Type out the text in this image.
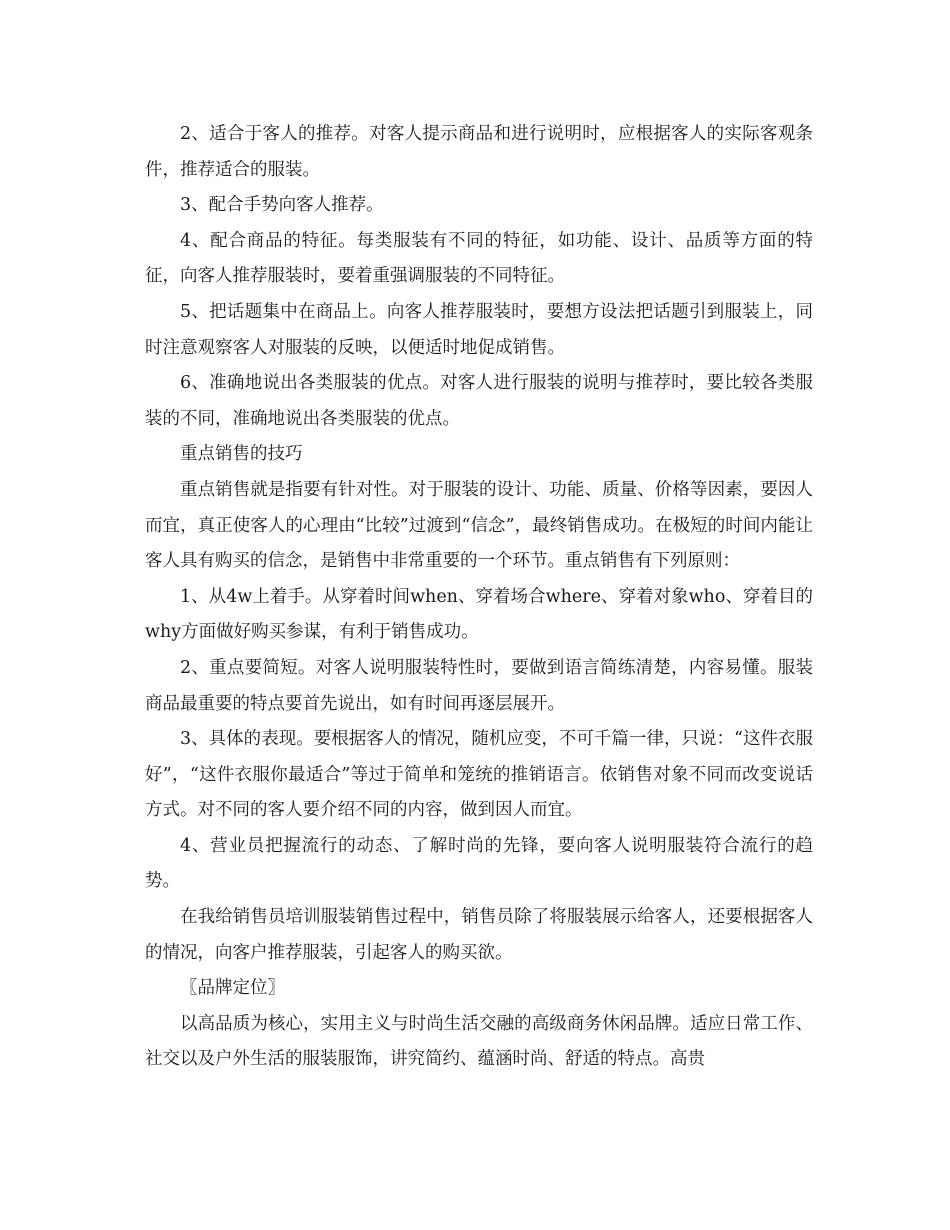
2、适合于客人的推荐。对客人提示商品和进行说明时，应根据客人的实际客观条件，推荐适合的服装。

3、配合手势向客人推荐。

4、配合商品的特征。每类服装有不同的特征，如功能、设计、品质等方面的特征，向客人推荐服装时，要着重强调服装的不同特征。

5、把话题集中在商品上。向客人推荐服装时，要想方设法把话题引到服装上，同时注意观察客人对服装的反映，以便适时地促成销售。

6、准确地说出各类服装的优点。对客人进行服装的说明与推荐时，要比较各类服装的不同，准确地说出各类服装的优点。

重点销售的技巧

重点销售就是指要有针对性。对于服装的设计、功能、质量、价格等因素，要因人而宜，真正使客人的心理由“比较”过渡到“信念”，最终销售成功。在极短的时间内能让客人具有购买的信念，是销售中非常重要的一个环节。重点销售有下列原则：

1、从4w上着手。从穿着时间when、穿着场合where、穿着对象who、穿着目的why方面做好购买参谋，有利于销售成功。

2、重点要简短。对客人说明服装特性时，要做到语言简练清楚，内容易懂。服装商品最重要的特点要首先说出，如有时间再逐层展开。

3、具体的表现。要根据客人的情况，随机应变，不可千篇一律，只说：“这件衣服好”，“这件衣服你最适合”等过于简单和笼统的推销语言。依销售对象不同而改变说话方式。对不同的客人要介绍不同的内容，做到因人而宜。

4、营业员把握流行的动态、了解时尚的先锋，要向客人说明服装符合流行的趋势。

在我给销售员培训服装销售过程中，销售员除了将服装展示给客人，还要根据客人的情况，向客户推荐服装，引起客人的购买欲。

〖品牌定位〗

以高品质为核心，实用主义与时尚生活交融的高级商务休闲品牌。适应日常工作、社交以及户外生活的服装服饰，讲究简约、蕴涵时尚、舒适的特点。高贵
